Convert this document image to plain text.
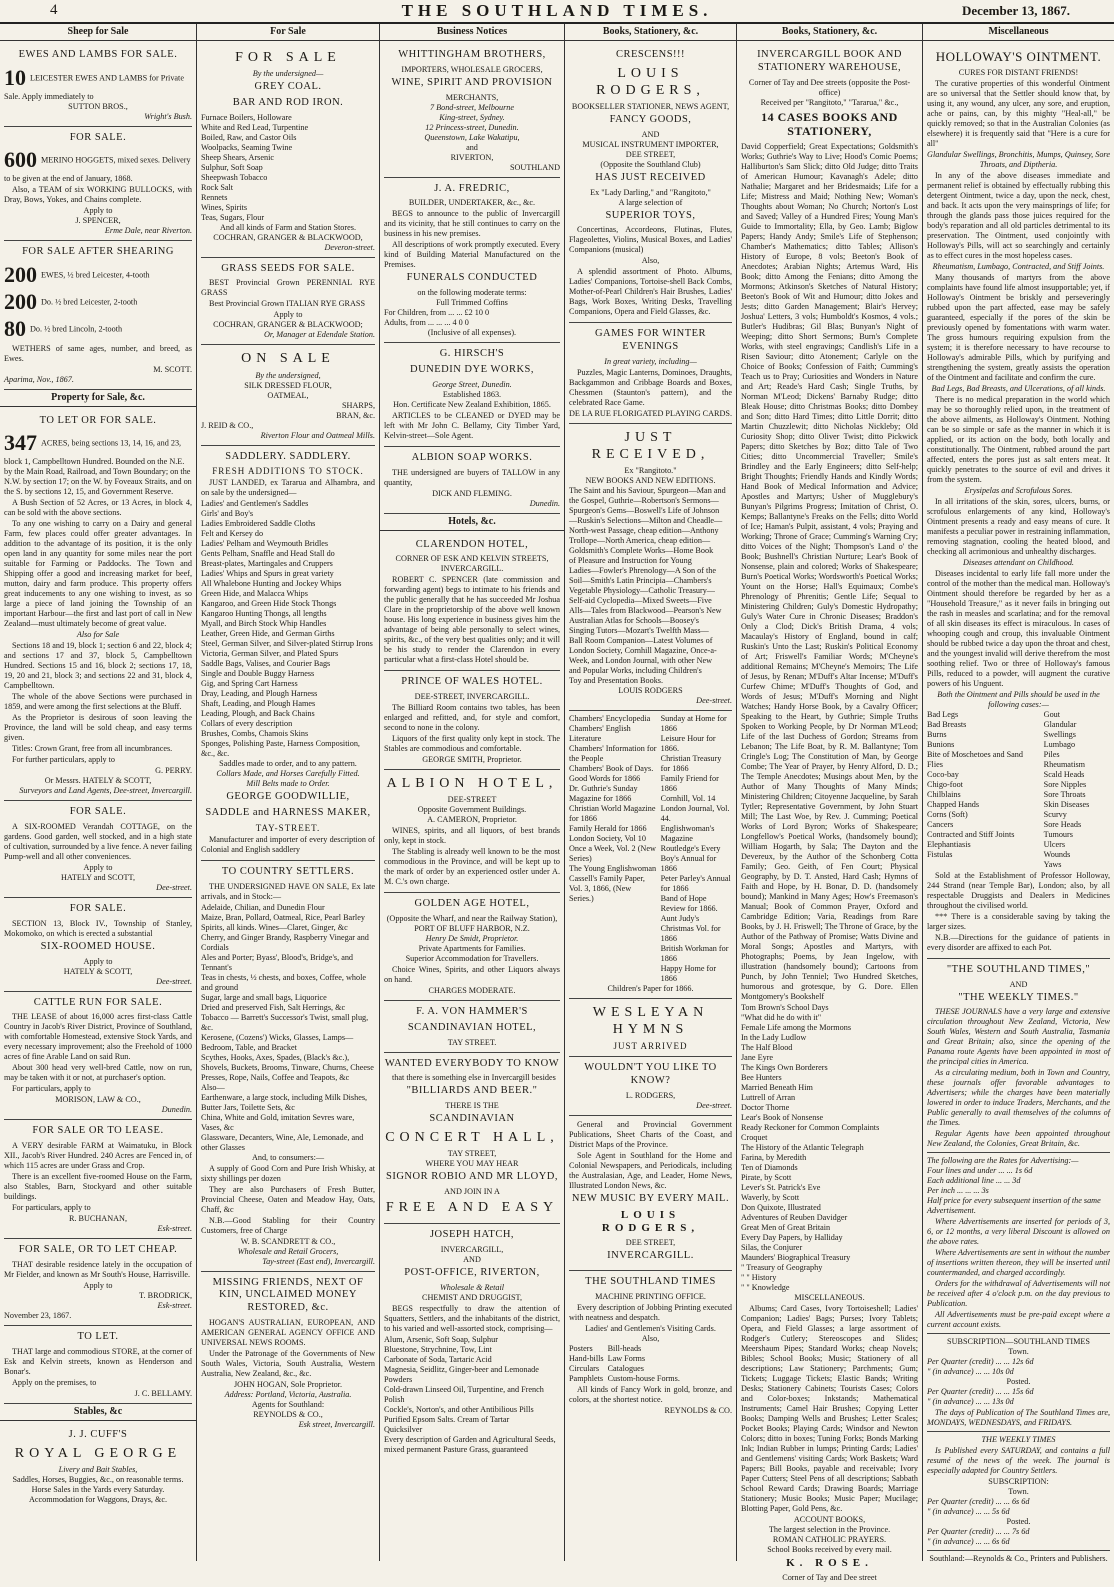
4	THE SOUTHLAND TIMES.	December 13, 1867.
Sheep for Sale
EWES AND LAMBS FOR SALE.
10 LEICESTER EWES AND LAMBS for Private Sale. Apply immediately to
SUTTON BROS.,
Wright's Bush.
FOR SALE.
600 MERINO HOGGETS, mixed sexes. Delivery to be given at the end of January, 1868.

Also, a TEAM of six WORKING BULLOCKS, with Dray, Bows, Yokes, and Chains complete.

Apply to
J. SPENCER,
Erme Dale, near Riverton.
FOR SALE AFTER SHEARING
200 EWES, ½ bred Leicester, 4-tooth
200 Do. ½ bred Leicester, 2-tooth
80 Do. ½ bred Lincoln, 2-tooth

WETHERS of same ages, number, and breed, as Ewes.

M. SCOTT.
Aparima, Nov., 1867.
Property for Sale, &c.
TO LET OR FOR SALE.
347 ACRES, being sections 13, 14, 16, and 23, block 1, Campbelltown Hundred. Bounded on the N.E. by the Main Road, Railroad, and Town Boundary; on the N.W. by section 17; on the W. by Foveaux Straits, and on the S. by sections 12, 15, and Government Reserve.

A Bush Section of 52 Acres, or 13 Acres, in block 4, can be sold with the above sections.

To any one wishing to carry on a Dairy and general Farm, few places could offer greater advantages. In addition to the advantage of its position, it is the only open land in any quantity for some miles near the port suitable for Farming or Paddocks. The Town and Shipping offer a good and increasing market for beef, mutton, dairy and farm produce. This property offers great inducements to any one wishing to invest, as so large a piece of land joining the Township of an important Harbour—the first and last port of call in New Zealand—must ultimately become of great value.

Also for Sale

Sections 18 and 19, block 1; section 6 and 22, block 4; and sections 17 and 37, block 5, Campbelltown Hundred. Sections 15 and 16, block 2; sections 17, 18, 19, 20 and 21, block 3; and sections 22 and 31, block 4, Campbelltown.

The whole of the above Sections were purchased in 1859, and were among the first selections at the Bluff.

As the Proprietor is desirous of soon leaving the Province, the land will be sold cheap, and easy terms given.

Titles: Crown Grant, free from all incumbrances.

For further particulars, apply to

G. PERRY.
Or Messrs. HATELY & SCOTT,
Surveyors and Land Agents, Dee-street, Invercargill.
FOR SALE.

A SIX-ROOMED Verandah COTTAGE, on the gardens. Good garden, well stocked, and in a high state of cultivation, surrounded by a live fence. A never failing Pump-well and all other conveniences.

Apply to
HATELY and SCOTT,
Dee-street.
FOR SALE.

SECTION 13, Block IV., Township of Stanley, Mokomoko, on which is erected a substantial

SIX-ROOMED HOUSE.
Apply to
HATELY & SCOTT,
Dee-street.
CATTLE RUN FOR SALE.

THE LEASE of about 16,000 acres first-class Cattle Country in Jacob's River District, Province of Southland, with comfortable Homestead, extensive Stock Yards, and every necessary improvement; also the Freehold of 1000 acres of fine Arable Land on said Run.

About 300 head very well-bred Cattle, now on run, may be taken with it or not, at purchaser's option.

For particulars, apply to

MORISON, LAW & CO.,
Dunedin.
FOR SALE OR TO LEASE.

A VERY desirable FARM at Waimatuku, in Block XII., Jacob's River Hundred. 240 Acres are Fenced in, of which 115 acres are under Grass and Crop.

There is an excellent five-roomed House on the Farm, also Stables, Barn, Stockyard and other suitable buildings.

For particulars, apply to

R. BUCHANAN,
Esk-street.
FOR SALE, OR TO LET CHEAP.

THAT desirable residence lately in the occupation of Mr Fielder, and known as Mr South's House, Harrisville.

Apply to
T. BRODRICK,
Esk-street.
November 23, 1867.
TO LET.

THAT large and commodious STORE, at the corner of Esk and Kelvin streets, known as Henderson and Bonar's.

Apply on the premises, to

J. C. BELLAMY.
Stables, &c
J. J. CUFF'S
ROYAL GEORGE
Livery and Bait Stables,
Saddles, Horses, Buggies, &c., on reasonable terms.
Horse Sales in the Yards every Saturday.
Accommodation for Waggons, Drays, &c.
For Sale
FOR SALE
By the undersigned—
GREY COAL.
BAR AND ROD IRON.
Furnace Boilers, Holloware
White and Red Lead, Turpentine
Boiled, Raw, and Castor Oils
Woolpacks, Seaming Twine
Sheep Shears, Arsenic
Sulphur, Soft Soap
Sheepwash Tobacco
Rock Salt
Rennets
Wines, Spirits
Teas, Sugars, Flour
And all kinds of Farm and Station Stores.
COCHRAN, GRANGER & BLACKWOOD,
Deveron-street.
GRASS SEEDS FOR SALE.

BEST Provincial Grown PERENNIAL RYE GRASS

Best Provincial Grown ITALIAN RYE GRASS

Apply to
COCHRAN, GRANGER & BLACKWOOD;
Or, Manager at Edendale Station.
ON SALE
By the undersigned,
SILK DRESSED FLOUR,
OATMEAL,
SHARPS,
BRAN, &c.
J. REID & CO.,
Riverton Flour and Oatmeal Mills.
SADDLERY. SADDLERY.
FRESH ADDITIONS TO STOCK.

JUST LANDED, ex Tararua and Alhambra, and on sale by the undersigned—

Ladies' and Gentlemen's Saddles
Girls' and Boy's
Ladies Embroidered Saddle Cloths
Felt and Kersey do
Ladies' Pelham and Weymouth Bridles
Gents Pelham, Snaffle and Head Stall do
Breast-plates, Martingales and Cruppers
Ladies' Whips and Spurs in great variety
All Whalebone Hunting and Jockey Whips
Green Hide, and Malacca Whips
Kangaroo, and Green Hide Stock Thongs
Kangaroo Hunting Thongs, all lengths
Myall, and Birch Stock Whip Handles
Leather, Green Hide, and German Girths
Steel, German Silver, and Silver-plated Stirrup Irons
Victoria, German Silver, and Plated Spurs
Saddle Bags, Valises, and Courier Bags
Single and Double Buggy Harness
Gig, and Spring Cart Harness
Dray, Leading, and Plough Harness
Shaft, Leading, and Plough Hames
Leading, Plough, and Back Chains
Collars of every description
Brushes, Combs, Chamois Skins
Sponges, Polishing Paste, Harness Composition, &c., &c.
Saddles made to order, and to any pattern.
Collars Made, and Horses Carefully Fitted.
Mill Belts made to Order.
GEORGE GOODWILLIE,
SADDLE and HARNESS MAKER,
TAY-STREET.

Manufacturer and importer of every description of Colonial and English saddlery

TO COUNTRY SETTLERS.

THE UNDERSIGNED HAVE ON SALE, Ex late arrivals, and in Stock:—

Adelaide, Chilian, and Dunedin Flour
Maize, Bran, Pollard, Oatmeal, Rice, Pearl Barley
Spirits, all kinds. Wines—Claret, Ginger, &c
Cherry, and Ginger Brandy, Raspberry Vinegar and Cordials
Ales and Porter; Byass', Blood's, Bridge's, and Tennant's
Teas in chests, ½ chests, and boxes, Coffee, whole and ground
Sugar, large and small bags, Liquorice
Dried and preserved Fish, Salt Herrings, &c
Tobacco — Barrett's Successor's Twist, small plug, &c.
Kerosene, (Cozens') Wicks, Glasses, Lamps—Bedroom, Table, and Bracket
Scythes, Hooks, Axes, Spades, (Black's &c.), Shovels, Buckets, Brooms, Tinware, Churns, Cheese Presses, Rope, Nails, Coffee and Teapots, &c
Also—
Earthenware, a large stock, including Milk Dishes, Butter Jars, Toilette Sets, &c
China, White and Gold, imitation Sevres ware, Vases, &c
Glassware, Decanters, Wine, Ale, Lemonade, and other Glasses
And, to consumers:—

A supply of Good Corn and Pure Irish Whisky, at sixty shillings per dozen

They are also Purchasers of Fresh Butter, Provincial Cheese, Oaten and Meadow Hay, Oats, Chaff, &c

N.B.—Good Stabling for their Country Customers, free of Charge

W. B. SCANDRETT & CO.,
Wholesale and Retail Grocers,
Tay-street (East end), Invercargill.
MISSING FRIENDS, NEXT OF KIN, UNCLAIMED MONEY RESTORED, &c.

HOGAN'S AUSTRALIAN, EUROPEAN, AND AMERICAN GENERAL AGENCY OFFICE AND UNIVERSAL NEWS ROOMS.

Under the Patronage of the Governments of New South Wales, Victoria, South Australia, Western Australia, New Zealand, &c., &c.

JOHN HOGAN, Sole Proprietor.
Address: Portland, Victoria, Australia.
Agents for Southland:
REYNOLDS & CO.,
Esk street, Invercargill.
Business Notices
WHITTINGHAM BROTHERS,
IMPORTERS, WHOLESALE GROCERS,
WINE, SPIRIT AND PROVISION
MERCHANTS,
7 Bond-street, Melbourne
King-street, Sydney.
12 Princess-street, Dunedin.
Queenstown, Lake Wakatipu,
and
RIVERTON,
SOUTHLAND
J. A. FREDRIC,
BUILDER, UNDERTAKER, &c., &c.

BEGS to announce to the public of Invercargill and its vicinity, that he still continues to carry on the business in his new premises.

All descriptions of work promptly executed. Every kind of Building Material Manufactured on the Premises.

FUNERALS CONDUCTED
on the following moderate terms:
Full Trimmed Coffins
For Children, from ... ... £2 10 0
Adults, from ... ... ... 4 0 0
(Inclusive of all expenses).
G. HIRSCH'S
DUNEDIN DYE WORKS,
George Street, Dunedin.
Established 1863.
Hon. Certificate New Zealand Exhibition, 1865.

ARTICLES to be CLEANED or DYED may be left with Mr John C. Bellamy, City Timber Yard, Kelvin-street—Sole Agent.

ALBION SOAP WORKS.

THE undersigned are buyers of TALLOW in any quantity,

DICK AND FLEMING.
Dunedin.
Hotels, &c.
CLARENDON HOTEL,
CORNER OF ESK AND KELVIN STREETS, INVERCARGILL.

ROBERT C. SPENCER (late commission and forwarding agent) begs to intimate to his friends and the public generally that he has succeeded Mr Joshua Clare in the proprietorship of the above well known house. His long experience in business gives him the advantage of being able personally to select wines, spirits, &c., of the very best qualities only; and it will be his study to render the Clarendon in every particular what a first-class Hotel should be.

PRINCE OF WALES HOTEL.
DEE-STREET, INVERCARGILL.

The Billiard Room contains two tables, has been enlarged and refitted, and, for style and comfort, second to none in the colony.

Liquors of the first quality only kept in stock. The Stables are commodious and comfortable.

GEORGE SMITH, Proprietor.
ALBION HOTEL,
DEE-STREET
Opposite Government Buildings.
A. CAMERON, Proprietor.

WINES, spirits, and all liquors, of best brands only, kept in stock.

The Stabling is already well known to be the most commodious in the Province, and will be kept up to the mark of order by an experienced ostler under A. M. C.'s own charge.

GOLDEN AGE HOTEL,
(Opposite the Wharf, and near the Railway Station),
PORT OF BLUFF HARBOR, N.Z.
Henry De Smidt, Proprietor.
Private Apartments for Families.
Superior Accommodation for Travellers.

Choice Wines, Spirits, and other Liquors always on hand.

CHARGES MODERATE.
F. A. VON HAMMER'S
SCANDINAVIAN HOTEL,
TAY STREET.
WANTED EVERYBODY TO KNOW

that there is something else in Invercargill besides

"BILLIARDS AND BEER."
THERE IS THE
SCANDINAVIAN
CONCERT HALL,
TAY STREET,
WHERE YOU MAY HEAR
SIGNOR ROBIO AND MR LLOYD,
AND JOIN IN A
FREE AND EASY
JOSEPH HATCH,
INVERCARGILL,
AND
POST-OFFICE, RIVERTON,
Wholesale & Retail
CHEMIST AND DRUGGIST,

BEGS respectfully to draw the attention of Squatters, Settlers, and the inhabitants of the district, to his varied and well-assorted stock, comprising—

Alum, Arsenic, Soft Soap, Sulphur
Bluestone, Strychnine, Tow, Lint
Carbonate of Soda, Tartaric Acid
Magnesia, Seidlitz, Ginger-beer and Lemonade Powders
Cold-drawn Linseed Oil, Turpentine, and French Polish
Cockle's, Norton's, and other Antibilious Pills
Purified Epsom Salts. Cream of Tartar
Quicksilver
Every description of Garden and Agricultural Seeds, mixed permanent Pasture Grass, guaranteed
Books, Stationery, &c.
CRESCENS!!!
LOUIS RODGERS,
BOOKSELLER STATIONER, NEWS AGENT,
FANCY GOODS,
AND
MUSICAL INSTRUMENT IMPORTER,
DEE STREET,
(Opposite the Southland Club)
HAS JUST RECEIVED
Ex "Lady Darling," and "Rangitoto,"
A large selection of
SUPERIOR TOYS,

Concertinas, Accordeons, Flutinas, Flutes, Flageolettes, Violins, Musical Boxes, and Ladies' Companions (musical)

Also,

A splendid assortment of Photo. Albums, Ladies' Companions, Tortoise-shell Back Combs, Mother-of-Pearl Children's Hair Brushes, Ladies' Bags, Work Boxes, Writing Desks, Travelling Companions, Opera and Field Glasses, &c.

GAMES FOR WINTER EVENINGS
In great variety, including—

Puzzles, Magic Lanterns, Dominoes, Draughts, Backgammon and Cribbage Boards and Boxes, Chessmen (Staunton's pattern), and the celebrated Race Game.

DE LA RUE FLORIGATED PLAYING CARDS.
JUST RECEIVED,
Ex "Rangitoto."
NEW BOOKS AND NEW EDITIONS.
The Saint and his Saviour, Spurgeon—Man and the Gospel, Guthrie—Robertson's Sermons—
Spurgeon's Gems—Boswell's Life of Johnson
—Ruskin's Selections—Milton and Cheadle—
North-west Passage, cheap edition—Anthony
Trollope—North America, cheap edition—
Goldsmith's Complete Works—Home Book
of Pleasure and Instruction for Young
Ladies—Fowler's Phrenology—A Son of the
Soil—Smith's Latin Principia—Chambers's
Vegetable Physiology—Catholic Treasury—
Self-aid Cyclopedia—Mixed Sweets—Five
Alls—Tales from Blackwood—Pearson's New
Australian Atlas for Schools—Boosey's
Singing Tutors—Mozart's Twelfth Mass—
Ball Room Companion—Latest Volumes of
London Society, Cornhill Magazine, Once-a-
Week, and London Journal, with other New
and Popular Works, including Children's
Toy and Presentation Books.
LOUIS RODGERS
Dee-street.
Chambers' Encyclopedia
Chambers' English Literature
Chambers' Information for the People
Chambers' Book of Days.
Good Words for 1866
Dr. Guthrie's Sunday Magazine for 1866
Christian World Magazine for 1866
Family Herald for 1866
London Society, Vol 10
Once a Week, Vol. 2 (New Series)
The Young Englishwoman
Cassell's Family Paper, Vol. 3, 1866, (New Series.)
Sunday at Home for 1866
Leisure Hour for 1866.
Christian Treasury for 1866
Family Friend for 1866
Cornhill, Vol. 14
London Journal, Vol. 44.
Englishwoman's Magazine
Routledge's Every Boy's Annual for 1866
Peter Parley's Annual for 1866
Band of Hope Review for 1866.
Aunt Judy's Christmas Vol. for 1866
British Workman for 1866
Happy Home for 1866
Children's Paper for 1866.
WESLEYAN HYMNS
JUST ARRIVED
WOULDN'T YOU LIKE TO KNOW?
L. RODGERS,
Dee-street.

General and Provincial Government Publications, Sheet Charts of the Coast, and District Maps of the Province.

Sole Agent in Southland for the Home and Colonial Newspapers, and Periodicals, including the Australasian, Age, and Leader, Home News, Illustrated London News, &c.

NEW MUSIC BY EVERY MAIL.
LOUIS RODGERS,
DEE STREET,
INVERCARGILL.
THE SOUTHLAND TIMES
MACHINE PRINTING OFFICE.

Every description of Jobbing Printing executed with neatness and despatch.

Ladies' and Gentlemen's Visiting Cards.
Also,
Posters
Hand-bills
Circulars
Pamphlets
Bill-heads
Law Forms
Catalogues
Custom-house Forms.

All kinds of Fancy Work in gold, bronze, and colors, at the shortest notice.

REYNOLDS & CO.
Books, Stationery, &c.
INVERCARGILL BOOK AND STATIONERY WAREHOUSE,
Corner of Tay and Dee streets (opposite the Post-office)
Received per "Rangitoto," "Tararua," &c.,
14 CASES BOOKS AND STATIONERY,

David Copperfield; Great Expectations; Goldsmith's Works; Guthrie's Way to Live; Hood's Comic Poems; Halliburton's Sam Slick; ditto Old Judge; ditto Traits of American Humour; Kavanagh's Adele; ditto Nathalie; Margaret and her Bridesmaids; Life for a Life; Mistress and Maid; Nothing New; Woman's Thoughts about Woman; No Church; Norton's Lost and Saved; Valley of a Hundred Fires; Young Man's Guide to Immortality; Ella, by Geo. Lamb; Biglow Papers; Handy Andy; Smile's Life of Stephenson; Chamber's Mathematics; ditto Tables; Allison's History of Europe, 8 vols; Beeton's Book of Anecdotes; Arabian Nights; Artemus Ward, His Book; ditto Among the Fenians; ditto Among the Mormons; Atkinson's Sketches of Natural History; Beeton's Book of Wit and Humour; ditto Jokes and Jests; ditto Garden Management; Blair's Hervey; Joshua' Letters, 3 vols; Humboldt's Kosmos, 4 vols.; Butler's Hudibras; Gil Blas; Bunyan's Night of Weeping; ditto Short Sermons; Burn's Complete Works, with steel engravings; Candlish's Life in a Risen Saviour; ditto Atonement; Carlyle on the Choice of Books; Confession of Faith; Cumming's Teach us to Pray; Curiosities and Wonders in Nature and Art; Reade's Hard Cash; Single Truths, by Norman M'Leod; Dickens' Barnaby Rudge; ditto Bleak House; ditto Christmas Books; ditto Dombey and Son; ditto Hard Times; ditto Little Dorrit; ditto Martin Chuzzlewit; ditto Nicholas Nickleby; Old Curiosity Shop; ditto Oliver Twist; ditto Pickwick Papers; ditto Sketches by Boz; ditto Tale of Two Cities; ditto Uncommercial Traveller; Smile's Brindley and the Early Engineers; ditto Self-help; Bright Thoughts; Friendly Hands and Kindly Words; Hand Book of Medical Information and Advice; Apostles and Martyrs; Usher of Mugglebury's Bunyan's Pilgrims Progress; Imitation of Christ, O. Kemps; Ballantyne's Freaks on the Fells; ditto World of Ice; Haman's Pulpit, assistant, 4 vols; Praying and Working; Throne of Grace; Cumming's Warning Cry; ditto Voices of the Night; Thompson's Land o' the Book; Bushnell's Christian Nurture; Lear's Book of Nonsense, plain and colored; Works of Shakespeare; Burn's Poetical Works; Wordsworth's Poetical Works; Yount on the Horse; Hall's Equimaux; Combe's Phrenology of Phrenitis; Gentle Life; Sequal to Ministering Children; Guly's Domestic Hydropathy; Guly's Water Cure in Chronic Diseases; Braddon's Only a Clod; Dick's British Drama, 4 vols; Macaulay's History of England, bound in calf; Ruskin's Unto the Last; Ruskin's Political Economy of Art; Friswell's Familiar Words; M'Cheyne's additional Remains; M'Cheyne's Memoirs; The Life of Jesus, by Renan; M'Duff's Altar Incense; M'Duff's Curfew Chime; M'Duff's Thoughts of God, and Words of Jesus; M'Duff's Morning and Night Watches; Handy Horse Book, by a Cavalry Officer; Speaking to the Heart, by Guthrie; Simple Truths Spoken to Working People, by Dr Norman M'Leod; Life of the last Duchess of Gordon; Streams from Lebanon; The Life Boat, by R. M. Ballantyne; Tom Cringle's Log; The Constitution of Man, by George Combe; The Year of Prayer, by Henry Alford, D. D.; The Temple Anecdotes; Musings about Men, by the Author of Many Thoughts of Many Minds; Ministering Children; Citoyenne Jacqueline, by Sarah Tytler; Representative Government, by John Stuart Mill; The Last Woe, by Rev. J. Cumming; Poetical Works of Lord Byron; Works of Shakespeare; Longfellow's Poetical Works, (handsomely bound); William Hogarth, by Sala; The Dayton and the Devereux, by the Author of the Schonberg Cotta Family; Geo. Geith, of Fen Court; Physical Geography, by D. T. Ansted, Hard Cash; Hymns of Faith and Hope, by H. Bonar, D. D. (handsomely bound); Mankind in Many Ages; How's Freemason's Manual; Book of Common Prayer, Oxford and Cambridge Edition; Varia, Readings from Rare Books, by J. H. Friswell; The Throne of Grace, by the Author of the Pathway of Promise; Watts Divine and Moral Songs; Apostles and Martyrs, with Photographs; Poems, by Jean Ingelow, with illustration (handsomely bound); Cartoons from Punch, by John Tenniel; Two Hundred Sketches, humorous and grotesque, by G. Dore. Ellen Montgomery's Bookshelf

Tom Brown's School Days
"What did he do with it"
Female Life among the Mormons
In the Lady Ludlow
The Half Blood
Jane Eyre
The Kings Own Borderers
Bee Hunters
Married Beneath Him
Luttrell of Arran
Doctor Thorne
Lear's Book of Nonsense
Ready Reckoner for Common Complaints
Croquet
The History of the Atlantic Telegraph
Farina, by Meredith
Ten of Diamonds
Pirate, by Scott
Lever's St. Patrick's Eve
Waverly, by Scott
Don Quixote, Illustrated
Adventures of Reuben Davidger
Great Men of Great Britain
Every Day Papers, by Halliday
Silas, the Conjurer
Maunders' Biographical Treasury
" Treasury of Geography
" " History
" " Knowledge
MISCELLANEOUS.

Albums; Card Cases, Ivory Tortoiseshell; Ladies' Companion; Ladies' Bags; Purses; Ivory Tablets; Opera, and Field Glasses; a large assortment of Rodger's Cutlery; Stereoscopes and Slides; Meershaum Pipes; Standard Works; cheap Novels; Bibles; School Books; Music; Stationery of all descriptions; Law Stationery; Parchments; Gum; Tickets; Luggage Tickets; Elastic Bands; Writing Desks; Stationery Cabinets; Tourists Cases; Colors and Color-boxes; Inkstands; Mathematical Instruments; Camel Hair Brushes; Copying Letter Books; Damping Wells and Brushes; Letter Scales; Pocket Books; Playing Cards; Windsor and Newton Colors; ditto in boxes; Tuning Forks; Bonds Marking Ink; Indian Rubber in lumps; Printing Cards; Ladies' and Gentlemens' visiting Cards; Work Baskets; Ward Papers; Bill Books, payable and receivable; Ivory Paper Cutters; Steel Pens of all descriptions; Sabbath School Reward Cards; Drawing Boards; Marriage Stationery; Music Books; Music Paper; Mucilage; Blotting Paper, Gold Pens, &c.

ACCOUNT BOOKS,
The largest selection in the Province.
ROMAN CATHOLIC PRAYERS.
School Books received by every mail.
K. ROSE.
Corner of Tay and Dee street
Miscellaneous
HOLLOWAY'S OINTMENT.
CURES FOR DISTANT FRIENDS!

The curative properties of this wonderful Ointment are so universal that the Settler should know that, by using it, any wound, any ulcer, any sore, and eruption, ache or pains, can, by this mighty "Heal-all," be quickly removed; so that in the Australian Colonies (as elsewhere) it is frequently said that "Here is a cure for all"

Glandular Swellings, Bronchitis, Mumps, Quinsey, Sore Throats, and Diptheria.

In any of the above diseases immediate and permanent relief is obtained by effectually rubbing this detergent Ointment, twice a day, upon the neck, chest, and back. It acts upon the very mainsprings of life; for through the glands pass those juices required for the body's reparation and all old particles detrimental to its preservation. The Ointment, used conjointly with Holloway's Pills, will act so searchingly and certainly as to effect cures in the most hopeless cases.

Rheumatism, Lumbago, Contracted, and Stiff Joints.

Many thousands of martyrs from the above complaints have found life almost insupportable; yet, if Holloway's Ointment be briskly and perseveringly rubbed upon the part affected, ease may be safely guaranteed, especially if the pores of the skin be previously opened by fomentations with warm water. The gross humours requiring expulsion from the system; it is therefore necessary to have recourse to Holloway's admirable Pills, which by purifying and strengthening the system, greatly assists the operation of the Ointment and facilitate and confirm the cure.

Bad Legs, Bad Breasts, and Ulcerations, of all kinds.

There is no medical preparation in the world which may be so thoroughly relied upon, in the treatment of the above ailments, as Holloway's Ointment. Nothing can be so simple or safe as the manner in which it is applied, or its action on the body, both locally and constitutionally. The Ointment, rubbed around the part affected, enters the pores just as salt enters meat. It quickly penetrates to the source of evil and drives it from the system.

Erysipelas and Scrofulous Sores.

In all irritations of the skin, sores, ulcers, burns, or scrofulous enlargements of any kind, Holloway's Ointment presents a ready and easy means of cure. It manifests a peculiar power in restraining inflammation, removing stagnation, cooling the heated blood, and checking all acrimonious and unhealthy discharges.

Diseases attendant on Childhood.

Diseases incidental to early life fall more under the control of the mother than the medical man. Holloway's Ointment should therefore be regarded by her as a "Household Treasure," as it never fails in bringing out the rash in measles and scarlatina; and for the removal of all skin diseases its effect is miraculous. In cases of whooping cough and croup, this invaluable Ointment should be rubbed twice a day upon the throat and chest, and the youngest invalid will derive therefrom the most soothing relief. Two or three of Holloway's famous Pills, reduced to a powder, will augment the curative powers of his Unguent.

Both the Ointment and Pills should be used in the following cases:—
Bad Legs
Bad Breasts
Burns
Bunions
Bite of Moschetoes and Sand Flies
Coco-bay
Chigo-foot
Chilblains
Chapped Hands
Corns (Soft)
Cancers
Contracted and Stiff Joints
Elephantiasis
Fistulas
Gout
Glandular Swellings
Lumbago
Piles
Rheumatism
Scald Heads
Sore Nipples
Sore Throats
Skin Diseases
Scurvy
Sore Heads
Tumours
Ulcers
Wounds
Yaws

Sold at the Establishment of Professor Holloway, 244 Strand (near Temple Bar), London; also, by all respectable Druggists and Dealers in Medicines throughout the civilised world.

*** There is a considerable saving by taking the larger sizes.

N.B.—Directions for the guidance of patients in every disorder are affixed to each Pot.

"THE SOUTHLAND TIMES,"
AND
"THE WEEKLY TIMES."

THESE JOURNALS have a very large and extensive circulation throughout New Zealand, Victoria, New South Wales, Western and South Australia, Tasmania and Great Britain; also, since the opening of the Panama route Agents have been appointed in most of the principal cities in America.

As a circulating medium, both in Town and Country, these journals offer favorable advantages to Advertisers; while the charges have been materially lowered in order to induce Traders, Merchants, and the Public generally to avail themselves of the columns of the Times.

Regular Agents have been appointed throughout New Zealand, the Colonies, Great Britain, &c.

The following are the Rates for Advertising:—
Four lines and under ... ... 1s 6d
Each additional line ... ... 3d
Per inch ... ... ... 3s
Half price for every subsequent insertion of the same Advertisement.

Where Advertisements are inserted for periods of 3, 6, or 12 months, a very liberal Discount is allowed on the above rates.

Where Advertisements are sent in without the number of insertions written thereon, they will be inserted until countermanded, and charged accordingly.

Orders for the withdrawal of Advertisements will not be received after 4 o'clock p.m. on the day previous to Publication.

All Advertisements must be pre-paid except where a current account exists.

SUBSCRIPTION—SOUTHLAND TIMES
Town.
Per Quarter (credit) ... ... 12s 6d
" (in advance) ... ... 10s 0d
Posted.
Per Quarter (credit) ... ... 15s 6d
" (in advance) ... ... 13s 0d

The days of Publication of The Southland Times are, MONDAYS, WEDNESDAYS, and FRIDAYS.

THE WEEKLY TIMES

Is Published every SATURDAY, and contains a full resumé of the news of the week. The journal is especially adapted for Country Settlers.

SUBSCRIPTION:
Town.
Per Quarter (credit) ... ... 6s 6d
" (in advance) ... ... 5s 6d
Posted.
Per Quarter (credit) ... ... 7s 6d
" (in advance) ... ... 6s 6d
Southland:—Reynolds & Co., Printers and Publishers.
